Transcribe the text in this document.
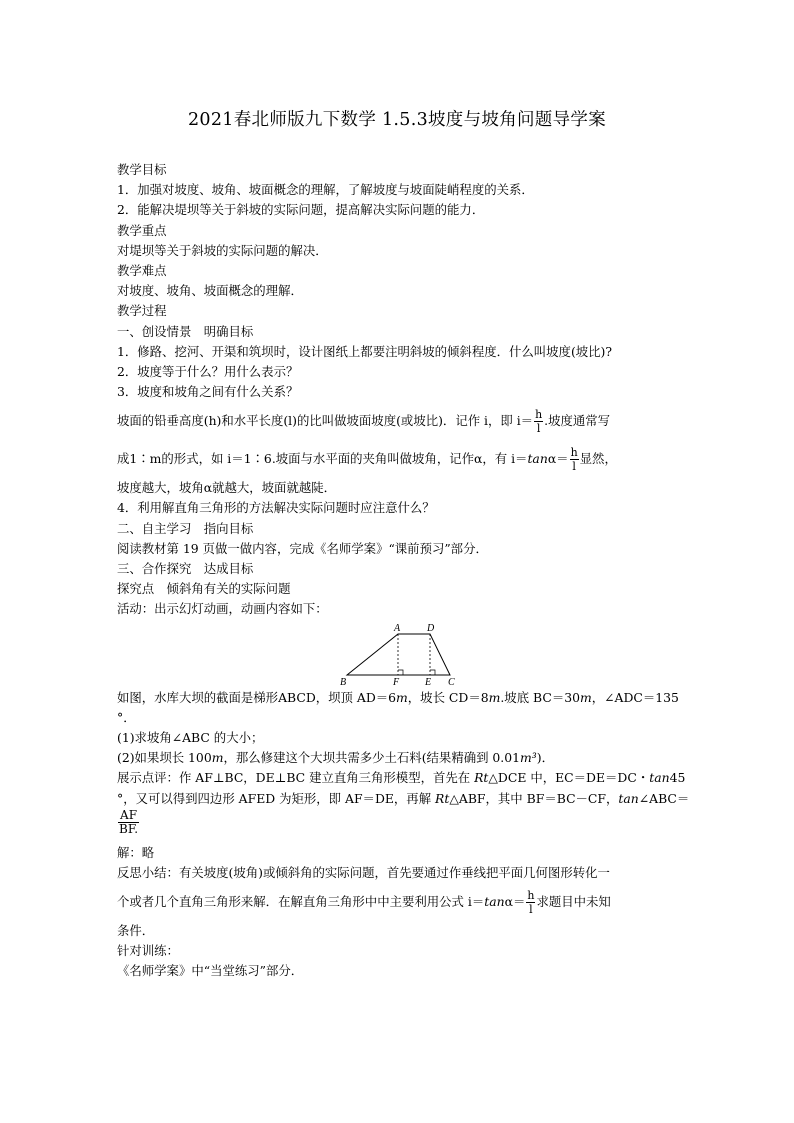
2021春北师版九下数学 1.5.3坡度与坡角问题导学案
教学目标
1．加强对坡度、坡角、坡面概念的理解，了解坡度与坡面陡峭程度的关系．
2．能解决堤坝等关于斜坡的实际问题，提高解决实际问题的能力．
教学重点
对堤坝等关于斜坡的实际问题的解决．
教学难点
对坡度、坡角、坡面概念的理解．
教学过程
一、创设情景　明确目标
1．修路、挖河、开渠和筑坝时，设计图纸上都要注明斜坡的倾斜程度．什么叫坡度(坡比)?
2．坡度等于什么？用什么表示？
3．坡度和坡角之间有什么关系？
坡面的铅垂高度(h)和水平长度(l)的比叫做坡面坡度(或坡比)．记作 i，即 $i= \frac{h}{l}$ .坡度通常写
成1∶m的形式，如 i＝1∶6.坡面与水平面的夹角叫做坡角，记作α，有 $i=\tan\alpha= \frac{h}{l}$ 显然，
坡度越大，坡角α就越大，坡面就越陡．
4．利用解直角三角形的方法解决实际问题时应注意什么？
二、自主学习　指向目标
阅读教材第 19 页做一做内容，完成《名师学案》“课前预习”部分．
三、合作探究　达成目标
探究点　倾斜角有关的实际问题
活动：出示幻灯动画，动画内容如下：
A	D
B	F	E C
如图，水库大坝的截面是梯形ABCD，坝顶 AD＝6m，坡长 CD＝8m.坡底 BC＝30m，∠ADC＝135
°．
(1)求坡角∠ABC 的大小；
(2)如果坝长 100m，那么修建这个大坝共需多少土石料(结果精确到 0.01m³)．
展示点评：作 AF⊥BC，DE⊥BC 建立直角三角形模型，首先在 Rt△DCE 中，EC＝DE＝DC・tan45
°，又可以得到四边形 AFED 为矩形，即 AF＝DE，再解 Rt△ABF，其中 BF＝BC－CF，tan∠ABC＝
$\frac{AF}{BF.}$
解：略
反思小结：有关坡度(坡角)或倾斜角的实际问题，首先要通过作垂线把平面几何图形转化一
个或者几个直角三角形来解．在解直角三角形中中主要利用公式 $i=\tan\alpha= \frac{h}{l}$ 求题目中未知
条件．
针对训练：
《名师学案》中“当堂练习”部分．
